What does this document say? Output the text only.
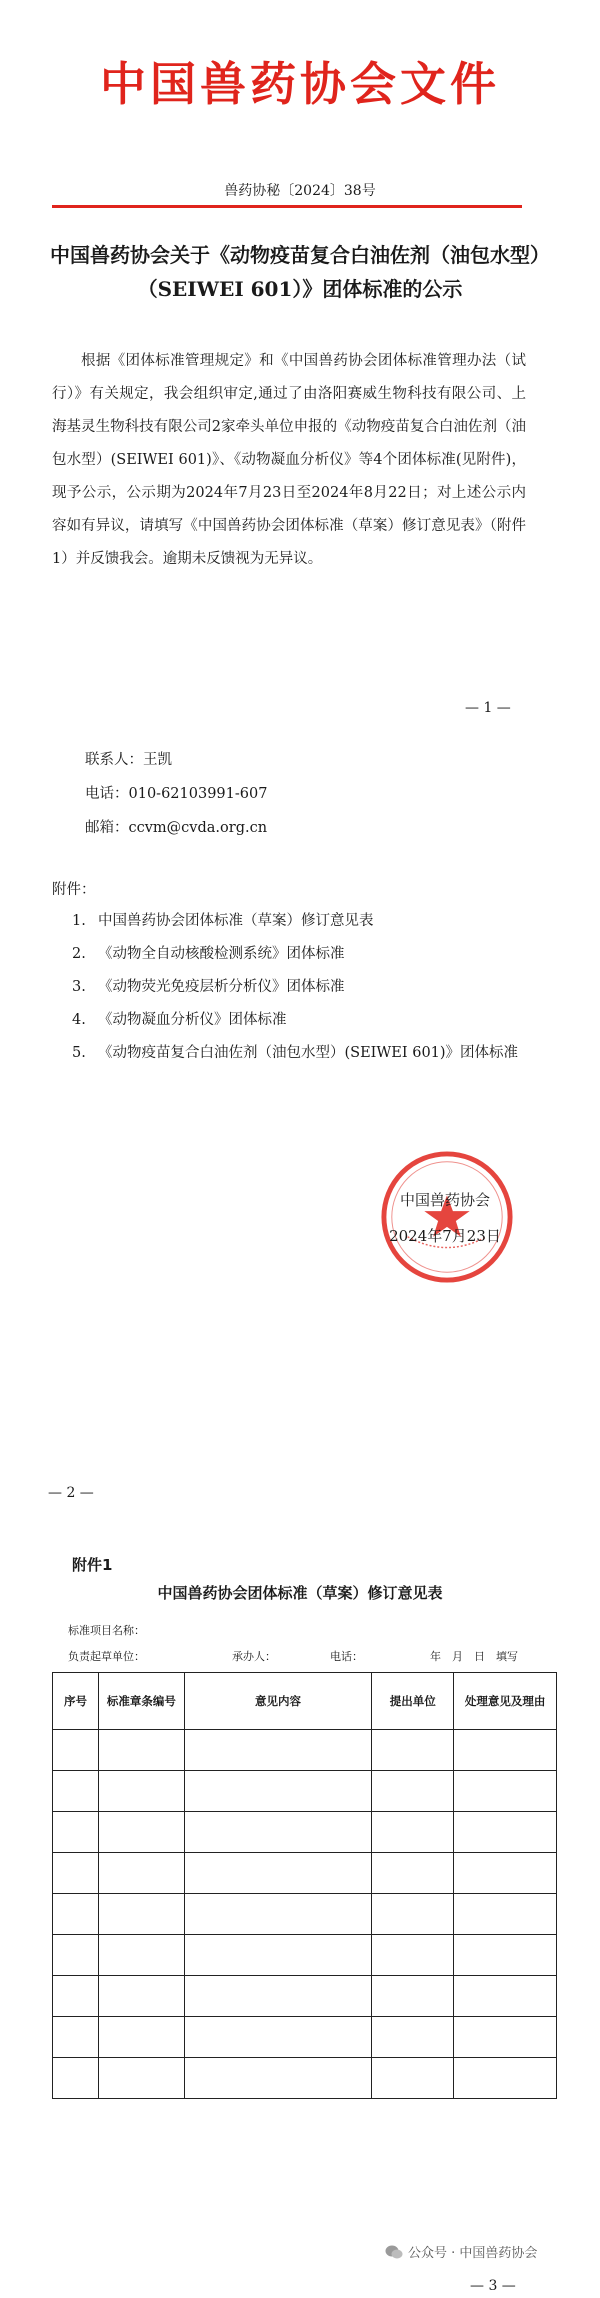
中国兽药协会文件
兽药协秘〔2024〕38号
中国兽药协会关于《动物疫苗复合白油佐剂（油包水型）
（SEIWEI 601）》团体标准的公示
根据《团体标准管理规定》和《中国兽药协会团体标准管理办法（试行）》有关规定，我会组织审定,通过了由洛阳赛威生物科技有限公司、上海基灵生物科技有限公司2家牵头单位申报的《动物疫苗复合白油佐剂（油包水型）(SEIWEI 601)》、《动物凝血分析仪》等4个团体标准(见附件)，现予公示，公示期为2024年7月23日至2024年8月22日；对上述公示内容如有异议，请填写《中国兽药协会团体标准（草案）修订意见表》（附件1）并反馈我会。逾期未反馈视为无异议。
— 1 —
联系人：王凯
电话：010-62103991-607
邮箱：ccvm@cvda.org.cn
附件：
1. 中国兽药协会团体标准（草案）修订意见表
2. 《动物全自动核酸检测系统》团体标准
3. 《动物荧光免疫层析分析仪》团体标准
4. 《动物凝血分析仪》团体标准
5. 《动物疫苗复合白油佐剂（油包水型）(SEIWEI 601)》团体标准
中国兽药协会
2024年7月23日
— 2 —
附件1
中国兽药协会团体标准（草案）修订意见表
标准项目名称：
负责起草单位：	承办人：	电话：	年　月　日　填写
序号	标准章条编号	意见内容	提出单位	处理意见及理由

公众号 · 中国兽药协会
— 3 —
